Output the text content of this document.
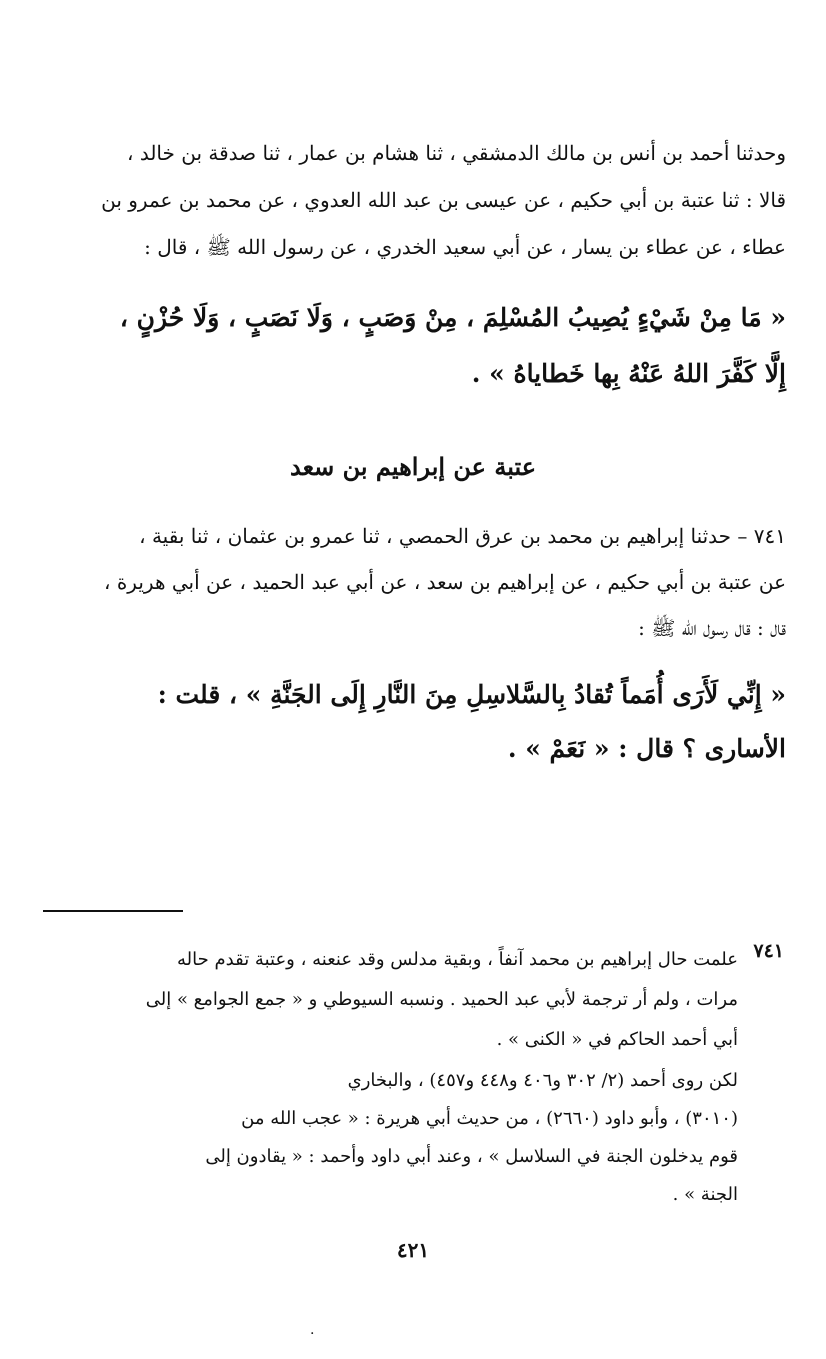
وحدثنا أحمد بن أنس بن مالك الدمشقي ، ثنا هشام بن عمار ، ثنا صدقة بن خالد ،
قالا : ثنا عتبة بن أبي حكيم ، عن عيسى بن عبد الله العدوي ، عن محمد بن عمرو بن
عطاء ، عن عطاء بن يسار ، عن أبي سعيد الخدري ، عن رسول الله ﷺ ، قال :

« مَا مِنْ شَيْءٍ يُصِيبُ المُسْلِمَ ، مِنْ وَصَبٍ ، وَلَا نَصَبٍ ، وَلَا حُزْنٍ ،
إِلَّا كَفَّرَ اللهُ عَنْهُ بِها خَطاياهُ » .

عتبة عن إبراهيم بن سعد

٧٤١ – حدثنا إبراهيم بن محمد بن عرق الحمصي ، ثنا عمرو بن عثمان ، ثنا بقية ،
عن عتبة بن أبي حكيم ، عن إبراهيم بن سعد ، عن أبي عبد الحميد ، عن أبي هريرة ،
قال : قال رسول الله ﷺ :

« إِنِّي لَأَرَى أُمَماً تُقادُ بِالسَّلاسِلِ مِنَ النَّارِ إِلَى الجَنَّةِ » ، قلت :
الأسارى ؟ قال : « نَعَمْ » .

٧٤١

علمت حال إبراهيم بن محمد آنفاً ، وبقية مدلس وقد عنعنه ، وعتبة تقدم حاله
مرات ، ولم أر ترجمة لأبي عبد الحميد . ونسبه السيوطي و « جمع الجوامع » إلى
أبي أحمد الحاكم في « الكنى » .

لكن روى أحمد (٢/ ٣٠٢ و٤٠٦ و٤٤٨ و٤٥٧) ، والبخاري
(٣٠١٠) ، وأبو داود (٢٦٦٠) ، من حديث أبي هريرة : « عجب الله من
قوم يدخلون الجنة في السلاسل » ، وعند أبي داود وأحمد : « يقادون إلى
الجنة » .

٤٢١

.
